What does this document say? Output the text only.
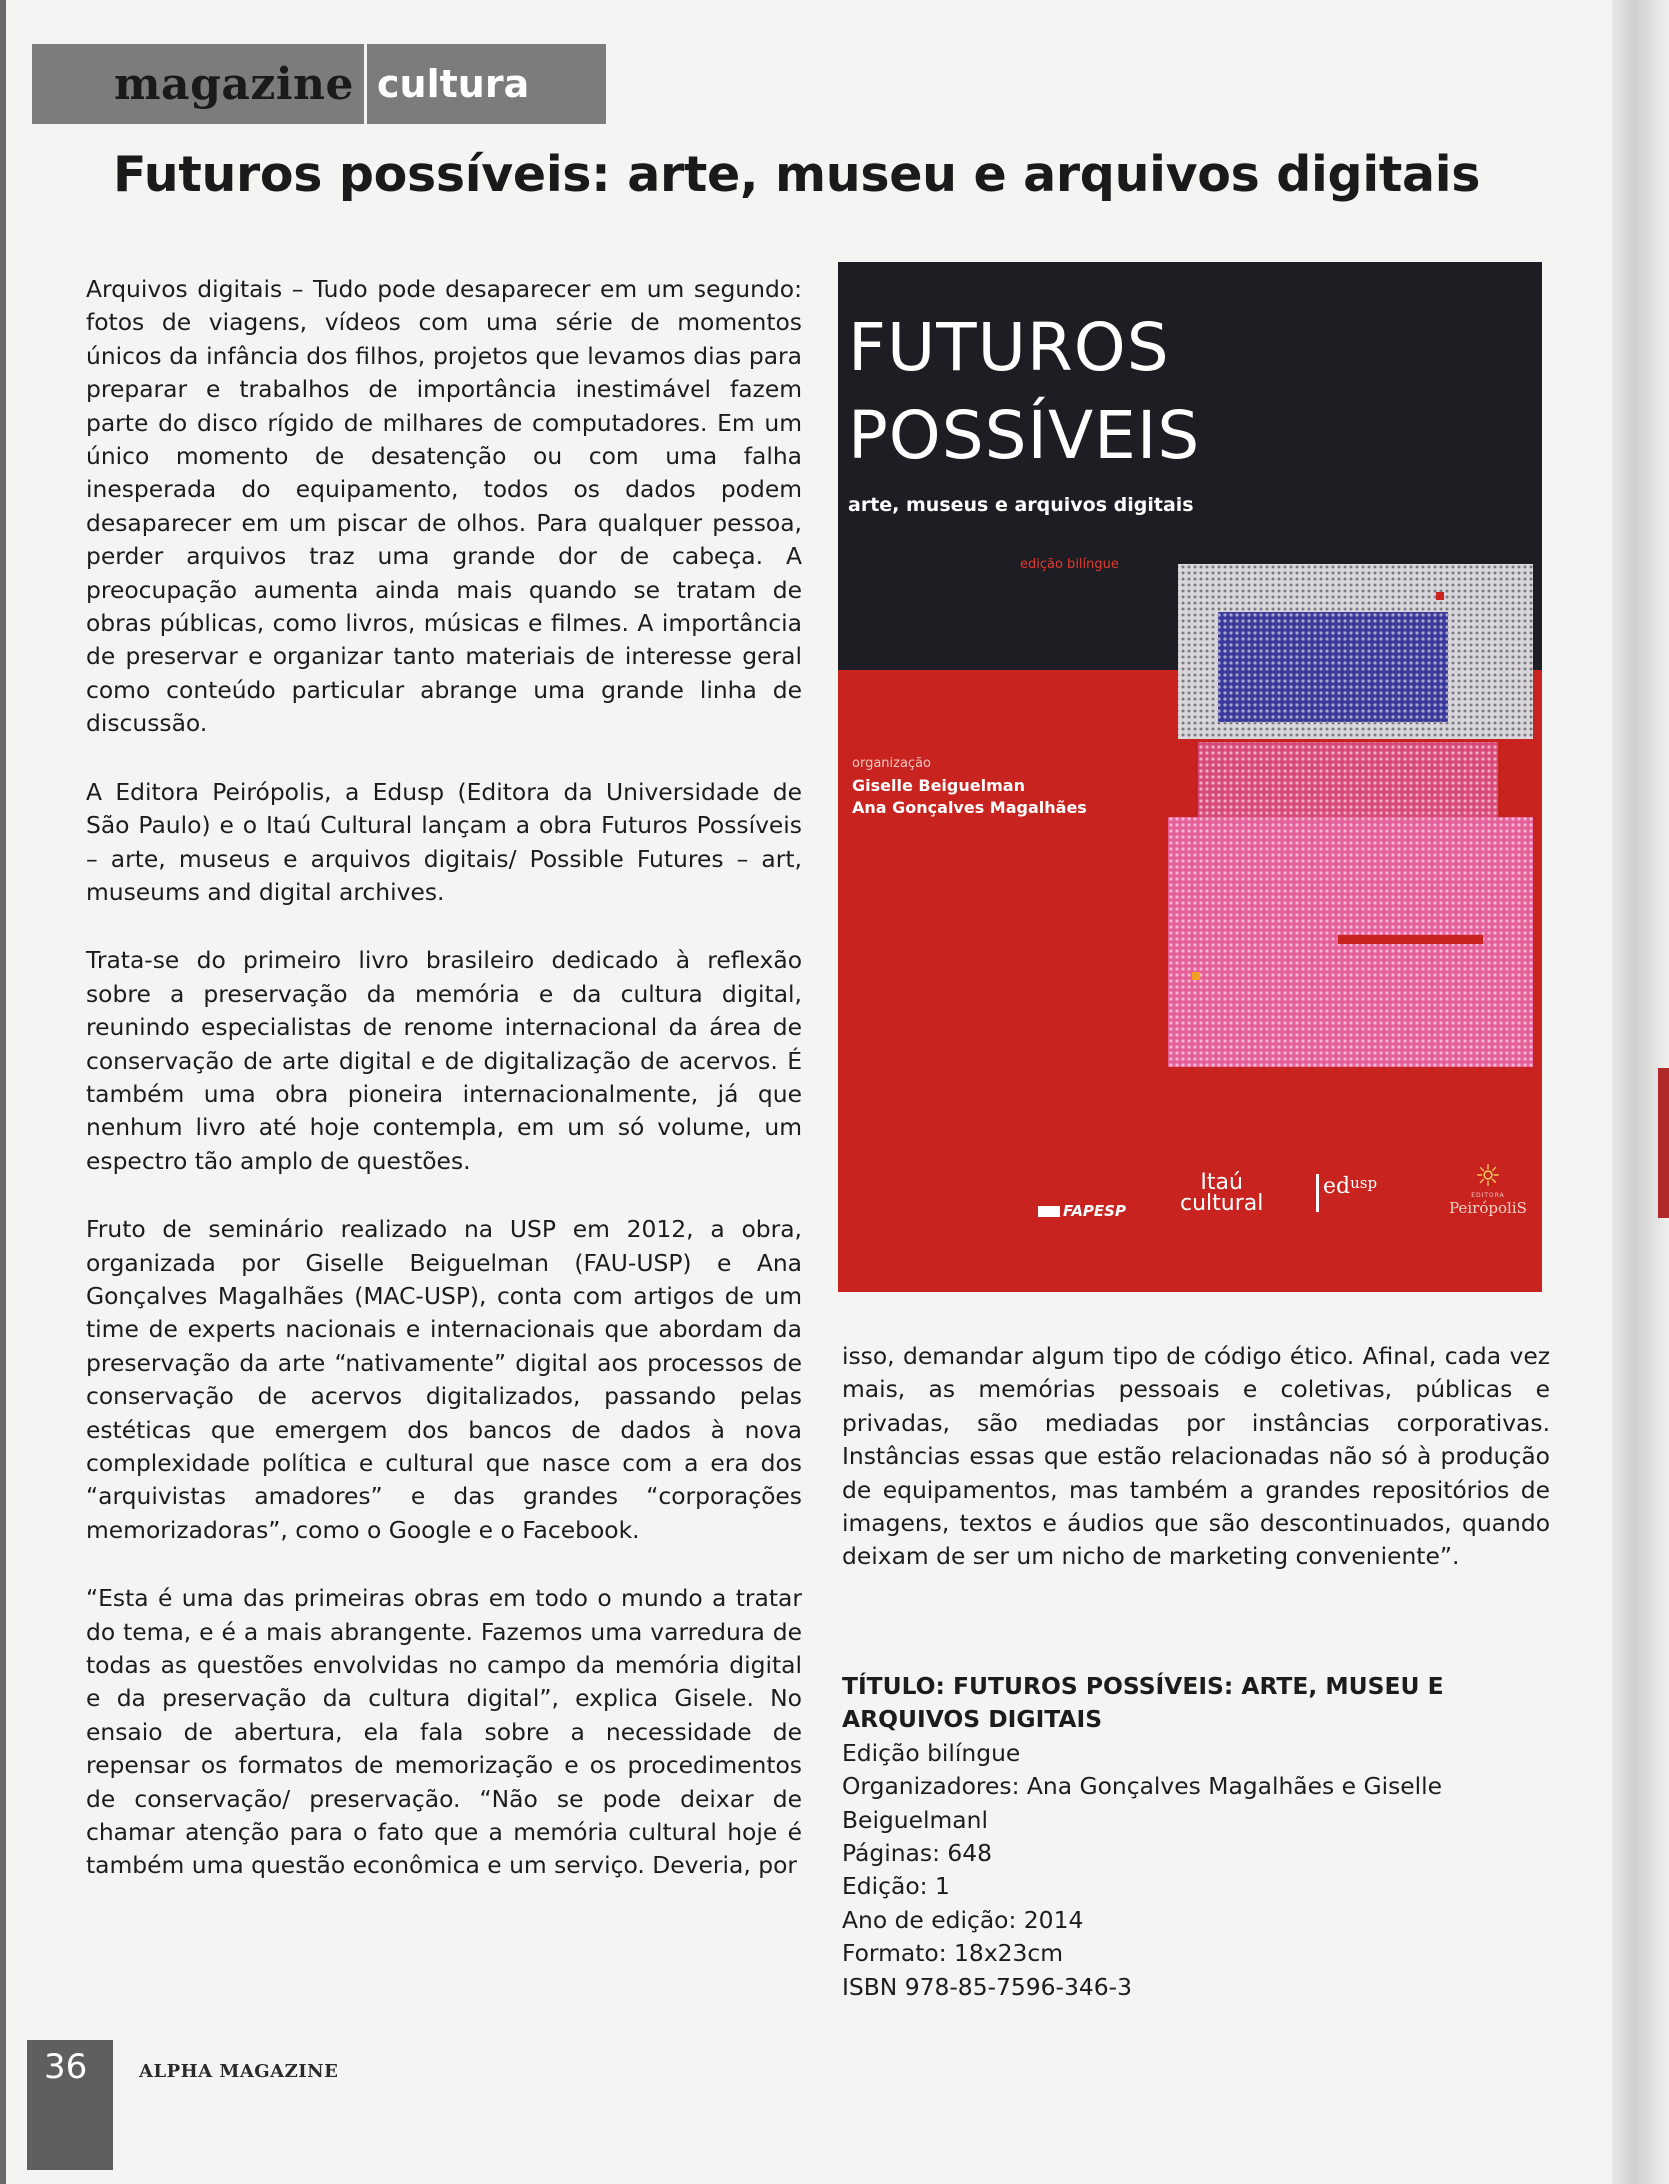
magazine cultura
Futuros possíveis: arte, museu e arquivos digitais

Arquivos digitais – Tudo pode desaparecer em um segundo: fotos de viagens, vídeos com uma série de momentos únicos da infância dos filhos, projetos que levamos dias para preparar e trabalhos de importância inestimável fazem parte do disco rígido de milhares de computadores. Em um único momento de desatenção ou com uma falha inesperada do equipamento, todos os dados podem desaparecer em um piscar de olhos. Para qualquer pessoa, perder arquivos traz uma grande dor de cabeça. A preocupação aumenta ainda mais quando se tratam de obras públicas, como livros, músicas e filmes. A importância de preservar e organizar tanto materiais de interesse geral como conteúdo particular abrange uma grande linha de discussão.

A Editora Peirópolis, a Edusp (Editora da Universidade de São Paulo) e o Itaú Cultural lançam a obra Futuros Possíveis – arte, museus e arquivos digitais/ Possible Futures – art, museums and digital archives.

Trata-se do primeiro livro brasileiro dedicado à reflexão sobre a preservação da memória e da cultura digital, reunindo especialistas de renome internacional da área de conservação de arte digital e de digitalização de acervos. É também uma obra pioneira internacionalmente, já que nenhum livro até hoje contempla, em um só volume, um espectro tão amplo de questões.

Fruto de seminário realizado na USP em 2012, a obra, organizada por Giselle Beiguelman (FAU-USP) e Ana Gonçalves Magalhães (MAC-USP), conta com artigos de um time de experts nacionais e internacionais que abordam da preservação da arte “nativamente” digital aos processos de conservação de acervos digitalizados, passando pelas estéticas que emergem dos bancos de dados à nova complexidade política e cultural que nasce com a era dos “arquivistas amadores” e das grandes “corporações memorizadoras”, como o Google e o Facebook.

“Esta é uma das primeiras obras em todo o mundo a tratar do tema, e é a mais abrangente. Fazemos uma varredura de todas as questões envolvidas no campo da memória digital e da preservação da cultura digital”, explica Gisele. No ensaio de abertura, ela fala sobre a necessidade de repensar os formatos de memorização e os procedimentos de conservação/ preservação. “Não se pode deixar de chamar atenção para o fato que a memória cultural hoje é também uma questão econômica e um serviço. Deveria, por

FUTUROS
POSSÍVEIS

arte, museus e arquivos digitais

edição bilíngue

organização

Giselle Beiguelman

Ana Gonçalves Magalhães

FAPESP
Itaú
cultural
ed usp	☼
EDITORA
PeirópoliS

isso, demandar algum tipo de código ético. Afinal, cada vez mais, as memórias pessoais e coletivas, públicas e privadas, são mediadas por instâncias corporativas. Instâncias essas que estão relacionadas não só à produção de equipamentos, mas também a grandes repositórios de imagens, textos e áudios que são descontinuados, quando deixam de ser um nicho de marketing conveniente”.

TÍTULO: FUTUROS POSSÍVEIS: ARTE, MUSEU E ARQUIVOS DIGITAIS

Edição bilíngue

Organizadores: Ana Gonçalves Magalhães e Giselle Beiguelmanl

Páginas: 648

Edição: 1

Ano de edição: 2014

Formato: 18x23cm

ISBN 978-85-7596-346-3

36	ALPHA MAGAZINE
